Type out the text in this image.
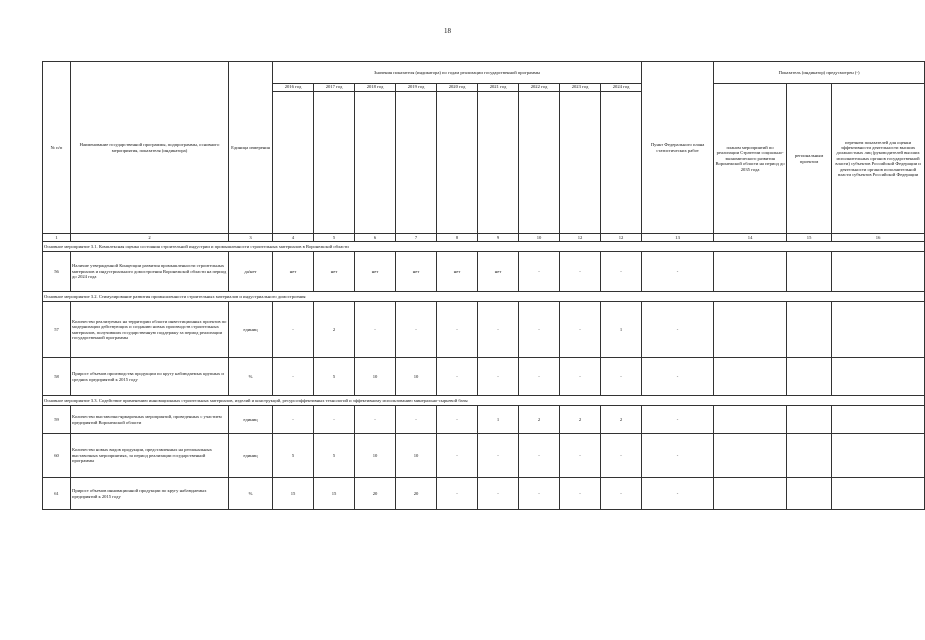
18
№ п/п	Наименование государственной программы, подпрограммы, основного мероприятия, показателя (индикатора)	Единица измерения	Значения показателя (индикатора) по годам реализации государственной программы									Пункт Федерального плана статистических работ	Показатель (индикатор) предусмотрен (-)		
			2016 год	2017 год	2018 год	2019 год	2020 год	2021 год	2022 год	2023 год	2024 год		планом мероприятий по реализации Стратегии социально-экономического развития Воронежской области на период до 2035 года	региональным проектом	перечнем показателей для оценки эффективности деятельности высших должностных лиц (руководителей высших исполнительных органов государственной власти) субъектов Российской Федерации и деятельности органов исполнительной власти субъектов Российской Федерации

1	2	3	4	5	6	7	8	9	10	12	12	13	14	15	16
Основное мероприятие 3.1. Комплексная оценка состояния строительной индустрии и промышленности строительных материалов в Воронежской области															
56	Наличие утвержденной Концепции развития промышленности строительных материалов и индустриального домостроения Воронежской области на период до 2024 года	да/нет	нет	нет	нет	нет	нет	нет	-	-	-	-			
Основное мероприятие 3.2. Стимулирование развития промышленности строительных материалов и индустриального домостроения															
57	Количество реализуемых на территории области инвестиционных проектов по модернизации действующих и созданию новых производств строительных материалов, получивших государственную поддержку за период реализации государственной программы	единиц	-	2	-	-	-	-	-	-	1	-			
58	Прирост объемов производства продукции по кругу наблюдаемых крупных и средних предприятий к 2015 году	%	-	5	10	10	-	-	-	-	-	-			
Основное мероприятие 3.3. Содействие применению инновационных строительных материалов, изделий и конструкций, ресурсоэффективных технологий и эффективному использованию минерально-сырьевой базы															
59	Количество выставочно-ярмарочных мероприятий, проведенных с участием предприятий Воронежской области	единиц	-	-	-	-	-	1	2	2	2	-			
60	Количество новых видов продукции, представленных на региональных выставочных мероприятиях, за период реализации государственной программы	единиц	5	5	10	10	-	-	-	-	-	-			
61	Прирост объемов инновационной продукции по кругу наблюдаемых предприятий к 2015 году	%	15	15	20	20	-	-	-	-	-	-			
